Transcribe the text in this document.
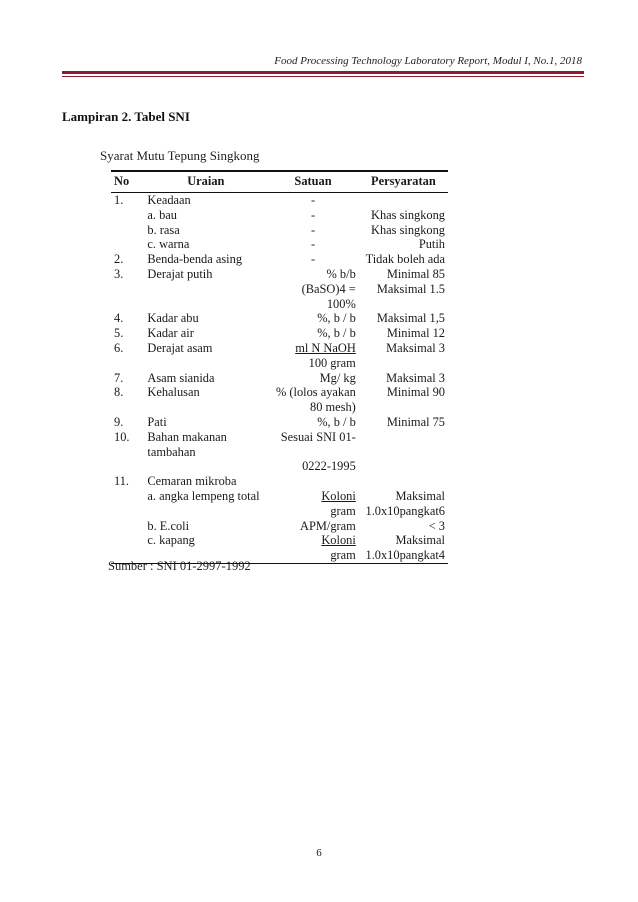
Food Processing Technology Laboratory Report, Modul I, No.1, 2018
Lampiran 2. Tabel SNI
Syarat Mutu Tepung Singkong
No	Uraian	Satuan	Persyaratan
1.	Keadaan	-	
	a. bau	-	Khas singkong
	b. rasa	-	Khas singkong
	c. warna	-	Putih
2.	Benda-benda asing	-	Tidak boleh ada
3.	Derajat putih	% b/b	Minimal 85
		(BaSO)4 = 100%	Maksimal 1.5
4.	Kadar abu	%, b / b	Maksimal 1,5
5.	Kadar air	%, b / b	Minimal 12
6.	Derajat asam	ml N NaOH	Maksimal 3
		100 gram	
7.	Asam sianida	Mg/ kg	Maksimal 3
8.	Kehalusan	% (lolos ayakan	Minimal 90
		80 mesh)	
9.	Pati	%, b / b	Minimal 75
10.	Bahan makanan tambahan	Sesuai SNI 01-	
		0222-1995	
11.	Cemaran mikroba		
	a. angka lempeng total	Koloni	Maksimal
		gram	1.0x10pangkat6
	b. E.coli	APM/gram	< 3
	c. kapang	Koloni	Maksimal
		gram	1.0x10pangkat4
Sumber : SNI 01-2997-1992
6
